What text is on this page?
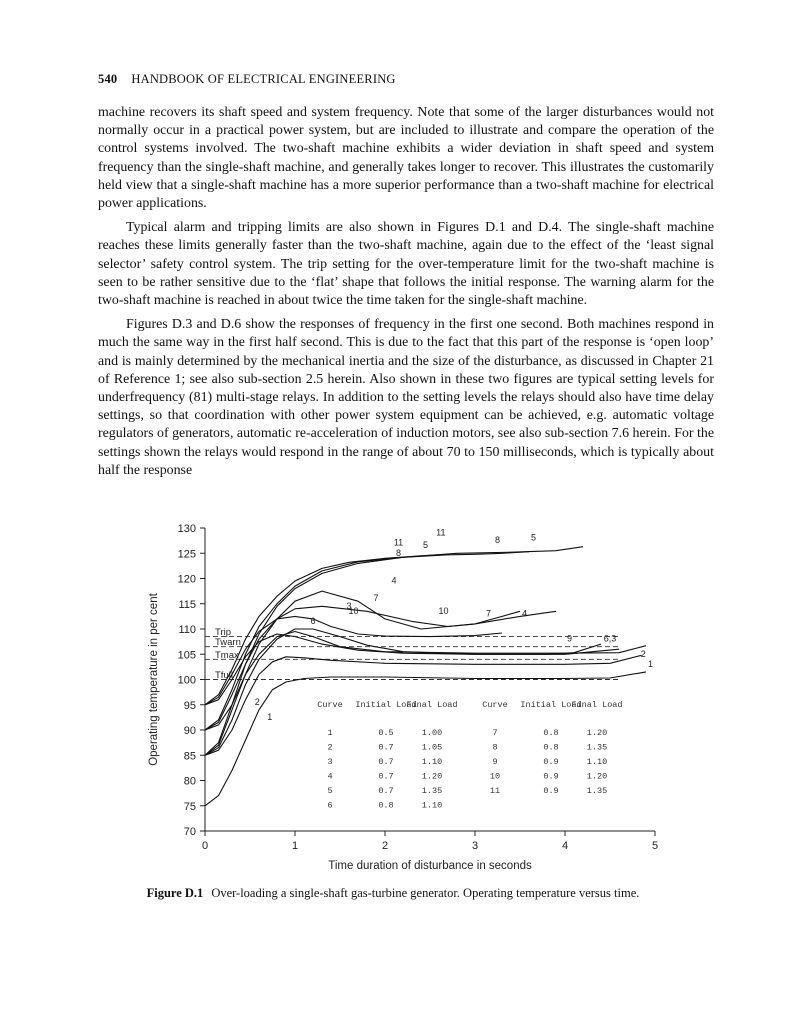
540 HANDBOOK OF ELECTRICAL ENGINEERING

machine recovers its shaft speed and system frequency. Note that some of the larger disturbances would not normally occur in a practical power system, but are included to illustrate and compare the operation of the control systems involved. The two-shaft machine exhibits a wider deviation in shaft speed and system frequency than the single-shaft machine, and generally takes longer to recover. This illustrates the customarily held view that a single-shaft machine has a more superior performance than a two-shaft machine for electrical power applications.

Typical alarm and tripping limits are also shown in Figures D.1 and D.4. The single-shaft machine reaches these limits generally faster than the two-shaft machine, again due to the effect of the ‘least signal selector’ safety control system. The trip setting for the over-temperature limit for the two-shaft machine is seen to be rather sensitive due to the ‘flat’ shape that follows the initial response. The warning alarm for the two-shaft machine is reached in about twice the time taken for the single-shaft machine.

Figures D.3 and D.6 show the responses of frequency in the first one second. Both machines respond in much the same way in the first half second. This is due to the fact that this part of the response is ‘open loop’ and is mainly determined by the mechanical inertia and the size of the disturbance, as discussed in Chapter 21 of Reference 1; see also sub-section 2.5 herein. Also shown in these two figures are typical setting levels for underfrequency (81) multi-stage relays. In addition to the setting levels the relays should also have time delay settings, so that coordination with other power system equipment can be achieved, e.g. automatic voltage regulators of generators, automatic re-acceleration of induction motors, see also sub-section 7.6 herein. For the settings shown the relays would respond in the range of about 70 to 150 milliseconds, which is typically about half the response

130
125
120
115
110
105
100
95
90
85
80
75
70
0	1	2	3	4	5
Time duration of disturbance in seconds
Operating temperature in per cent	Trip
Twarn
Tmax
Tfull
1
2
3
4
5
6
7
8
9
10
11
8
11
5
4
6,3
2
1
7
10
Curve Initial Load
Final Load
1	0.5	1.00
2	0.7	1.05
3	0.7	1.10
4	0.7	1.20
5	0.7	1.35
6	0.8	1.10
Curve Initial Load
Final Load
7	0.8	1.20
8	0.8	1.35
9	0.9	1.10
10	0.9	1.20
11	0.9	1.35
Figure D.1 Over-loading a single-shaft gas-turbine generator. Operating temperature versus time.
